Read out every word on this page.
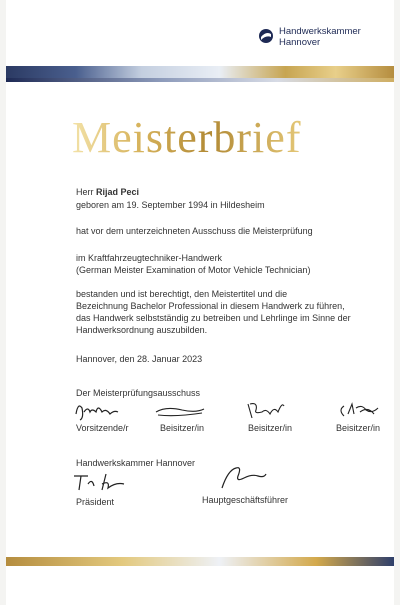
Handwerkskammer
Hannover
Meisterbrief
Herr Rijad Peci
geboren am 19. September 1994 in Hildesheim
hat vor dem unterzeichneten Ausschuss die Meisterprüfung
im Kraftfahrzeugtechniker-Handwerk
(German Meister Examination of Motor Vehicle Technician)
bestanden und ist berechtigt, den Meistertitel und die
Bezeichnung Bachelor Professional in diesem Handwerk zu führen,
das Handwerk selbstständig zu betreiben und Lehrlinge im Sinne der
Handwerksordnung auszubilden.
Hannover, den 28. Januar 2023
Der Meisterprüfungsausschuss
Vorsitzende/r	Beisitzer/in	Beisitzer/in	Beisitzer/in
Handwerkskammer Hannover
Präsident	Hauptgeschäftsführer
